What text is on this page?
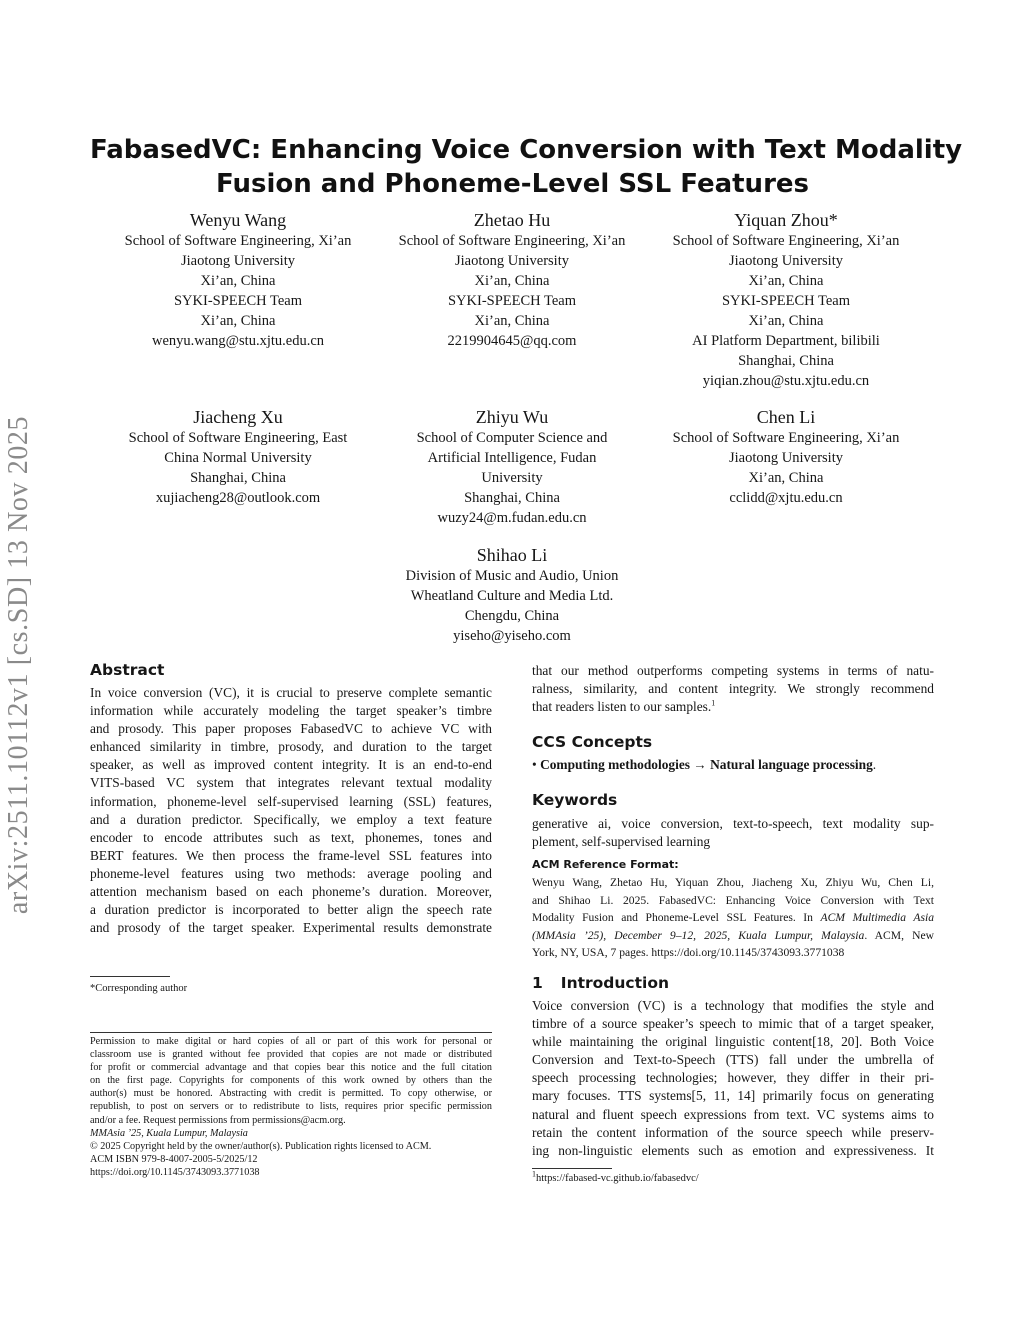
arXiv:2511.10112v1 [cs.SD] 13 Nov 2025
FabasedVC: Enhancing Voice Conversion with Text Modality
Fusion and Phoneme-Level SSL Features
Wenyu Wang
School of Software Engineering, Xi’an
Jiaotong University
Xi’an, China
SYKI-SPEECH Team
Xi’an, China
wenyu.wang@stu.xjtu.edu.cn
Zhetao Hu
School of Software Engineering, Xi’an
Jiaotong University
Xi’an, China
SYKI-SPEECH Team
Xi’an, China
2219904645@qq.com
Yiquan Zhou*
School of Software Engineering, Xi’an
Jiaotong University
Xi’an, China
SYKI-SPEECH Team
Xi’an, China
AI Platform Department, bilibili
Shanghai, China
yiqian.zhou@stu.xjtu.edu.cn
Jiacheng Xu
School of Software Engineering, East
China Normal University
Shanghai, China
xujiacheng28@outlook.com
Zhiyu Wu
School of Computer Science and
Artificial Intelligence, Fudan
University
Shanghai, China
wuzy24@m.fudan.edu.cn
Chen Li
School of Software Engineering, Xi’an
Jiaotong University
Xi’an, China
cclidd@xjtu.edu.cn
Shihao Li
Division of Music and Audio, Union
Wheatland Culture and Media Ltd.
Chengdu, China
yiseho@yiseho.com
Abstract
In voice conversion (VC), it is crucial to preserve complete semantic
information while accurately modeling the target speaker’s timbre
and prosody. This paper proposes FabasedVC to achieve VC with
enhanced similarity in timbre, prosody, and duration to the target
speaker, as well as improved content integrity. It is an end-to-end
VITS-based VC system that integrates relevant textual modality
information, phoneme-level self-supervised learning (SSL) features,
and a duration predictor. Specifically, we employ a text feature
encoder to encode attributes such as text, phonemes, tones and
BERT features. We then process the frame-level SSL features into
phoneme-level features using two methods: average pooling and
attention mechanism based on each phoneme’s duration. Moreover,
a duration predictor is incorporated to better align the speech rate
and prosody of the target speaker. Experimental results demonstrate
*Corresponding author
Permission to make digital or hard copies of all or part of this work for personal or
classroom use is granted without fee provided that copies are not made or distributed
for profit or commercial advantage and that copies bear this notice and the full citation
on the first page. Copyrights for components of this work owned by others than the
author(s) must be honored. Abstracting with credit is permitted. To copy otherwise, or
republish, to post on servers or to redistribute to lists, requires prior specific permission
and/or a fee. Request permissions from permissions@acm.org.
MMAsia ’25, Kuala Lumpur, Malaysia
© 2025 Copyright held by the owner/author(s). Publication rights licensed to ACM.
ACM ISBN 979-8-4007-2005-5/2025/12
https://doi.org/10.1145/3743093.3771038
that our method outperforms competing systems in terms of natu-
ralness, similarity, and content integrity. We strongly recommend
that readers listen to our samples.$^1$
CCS Concepts
• Computing methodologies → Natural language processing.
Keywords
generative ai, voice conversion, text-to-speech, text modality sup-
plement, self-supervised learning
ACM Reference Format:
Wenyu Wang, Zhetao Hu, Yiquan Zhou, Jiacheng Xu, Zhiyu Wu, Chen Li,
and Shihao Li. 2025. FabasedVC: Enhancing Voice Conversion with Text
Modality Fusion and Phoneme-Level SSL Features. In ACM Multimedia Asia
(MMAsia ’25), December 9–12, 2025, Kuala Lumpur, Malaysia. ACM, New
York, NY, USA, 7 pages. https://doi.org/10.1145/3743093.3771038
1 Introduction
Voice conversion (VC) is a technology that modifies the style and
timbre of a source speaker’s speech to mimic that of a target speaker,
while maintaining the original linguistic content[18, 20]. Both Voice
Conversion and Text-to-Speech (TTS) fall under the umbrella of
speech processing technologies; however, they differ in their pri-
mary focuses. TTS systems[5, 11, 14] primarily focus on generating
natural and fluent speech expressions from text. VC systems aims to
retain the content information of the source speech while preserv-
ing non-linguistic elements such as emotion and expressiveness. It
$^1$https://fabased-vc.github.io/fabasedvc/
